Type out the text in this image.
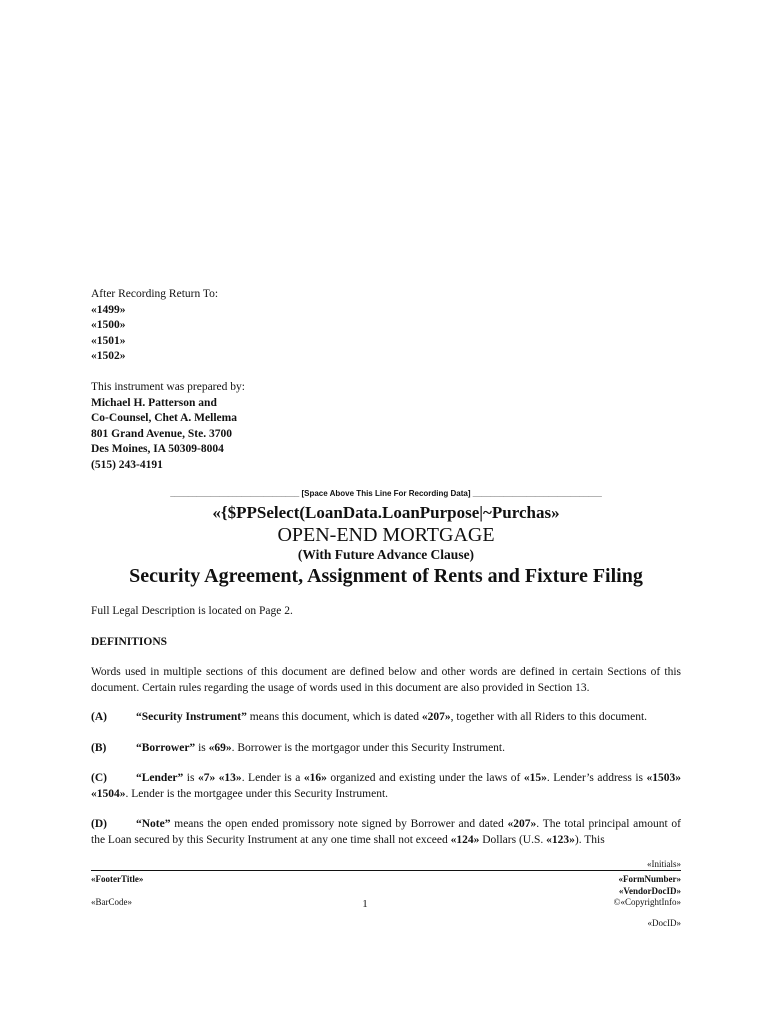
After Recording Return To:
«1499»
«1500»
«1501»
«1502»
This instrument was prepared by:
Michael H. Patterson and
Co-Counsel, Chet A. Mellema
801 Grand Avenue, Ste. 3700
Des Moines, IA 50309-8004
(515) 243-4191
_____________________________ [Space Above This Line For Recording Data] _____________________________
«{$PPSelect(LoanData.LoanPurpose|~Purchas»
OPEN-END MORTGAGE
(With Future Advance Clause)
Security Agreement, Assignment of Rents and Fixture Filing
Full Legal Description is located on Page 2.
DEFINITIONS
Words used in multiple sections of this document are defined below and other words are defined in certain Sections of this document. Certain rules regarding the usage of words used in this document are also provided in Section 13.
(A)	“Security Instrument” means this document, which is dated «207», together with all Riders to this document.
(B)	“Borrower” is «69». Borrower is the mortgagor under this Security Instrument.
(C)	“Lender” is «7» «13». Lender is a «16» organized and existing under the laws of «15». Lender’s address is «1503» «1504». Lender is the mortgagee under this Security Instrument.
(D)	“Note” means the open ended promissory note signed by Borrower and dated «207». The total principal amount of the Loan secured by this Security Instrument at any one time shall not exceed «124» Dollars (U.S. «123»). This
«Initials»
«FooterTitle»	«FormNumber»
«VendorDocID»
«BarCode»	1	©«CopyrightInfo»
«DocID»
